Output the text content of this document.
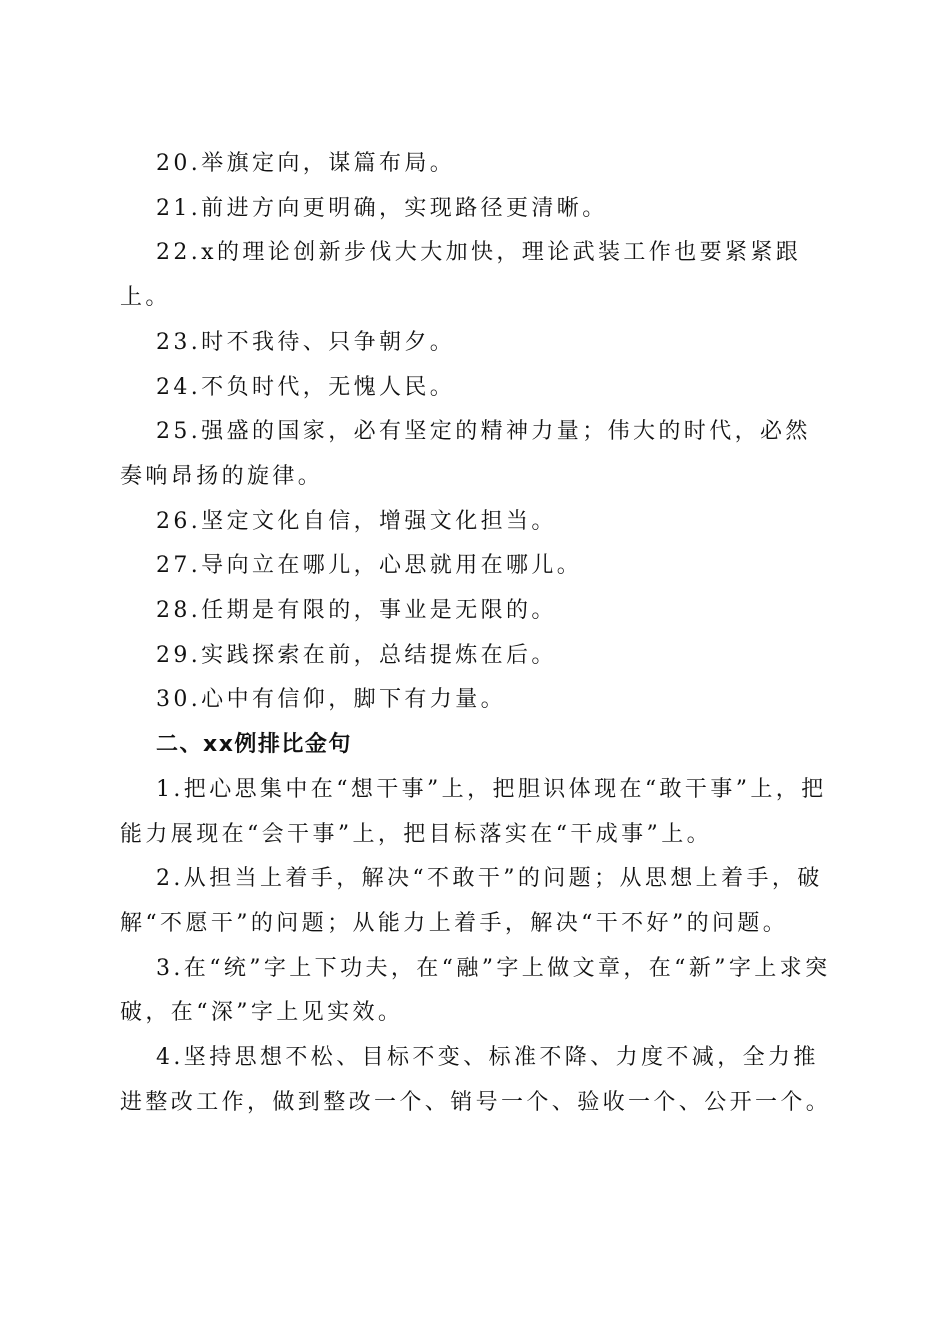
20.举旗定向，谋篇布局。

21.前进方向更明确，实现路径更清晰。

22.x的理论创新步伐大大加快，理论武装工作也要紧紧跟上。

23.时不我待、只争朝夕。

24.不负时代，无愧人民。

25.强盛的国家，必有坚定的精神力量；伟大的时代，必然奏响昂扬的旋律。

26.坚定文化自信，增强文化担当。

27.导向立在哪儿，心思就用在哪儿。

28.任期是有限的，事业是无限的。

29.实践探索在前，总结提炼在后。

30.心中有信仰，脚下有力量。

二、xx例排比金句

1.把心思集中在“想干事”上，把胆识体现在“敢干事”上，把能力展现在“会干事”上，把目标落实在“干成事”上。

2.从担当上着手，解决“不敢干”的问题；从思想上着手，破解“不愿干”的问题；从能力上着手，解决“干不好”的问题。

3.在“统”字上下功夫，在“融”字上做文章，在“新”字上求突破，在“深”字上见实效。

4.坚持思想不松、目标不变、标准不降、力度不减，全力推进整改工作，做到整改一个、销号一个、验收一个、公开一个。
